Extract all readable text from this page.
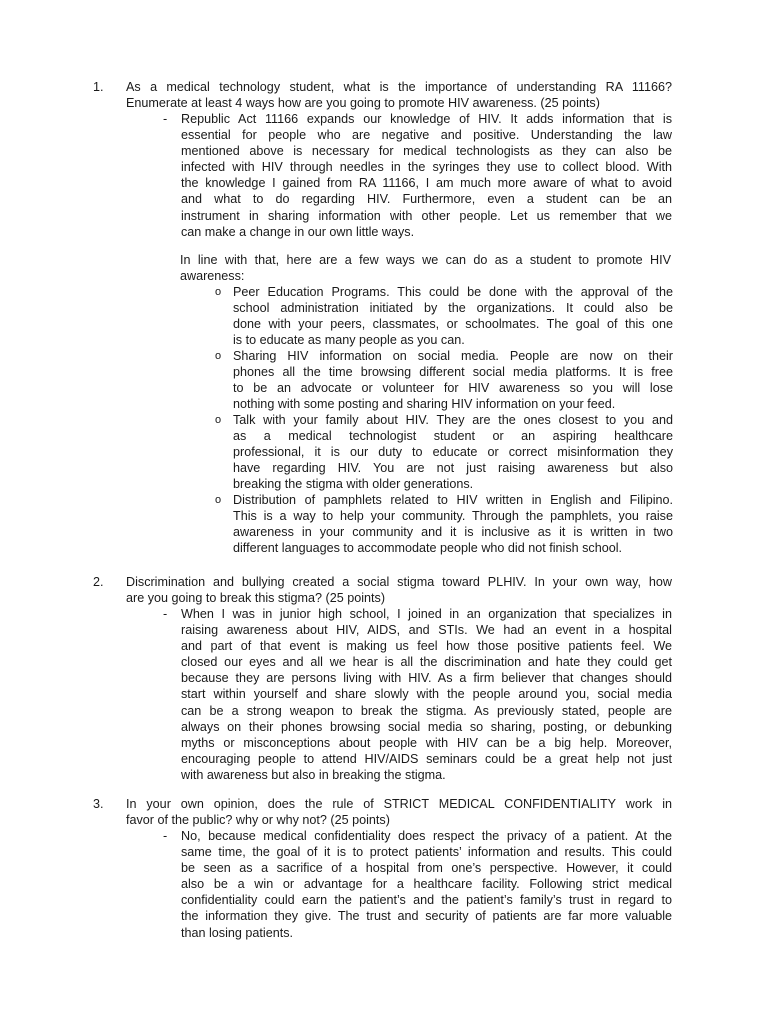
1. As a medical technology student, what is the importance of understanding RA 11166?
Enumerate at least 4 ways how are you going to promote HIV awareness. (25 points)
- Republic Act 11166 expands our knowledge of HIV. It adds information that is
essential for people who are negative and positive. Understanding the law
mentioned above is necessary for medical technologists as they can also be
infected with HIV through needles in the syringes they use to collect blood. With
the knowledge I gained from RA 11166, I am much more aware of what to avoid
and what to do regarding HIV. Furthermore, even a student can be an
instrument in sharing information with other people. Let us remember that we
can make a change in our own little ways.
In line with that, here are a few ways we can do as a student to promote HIV
awareness:
o Peer Education Programs. This could be done with the approval of the
school administration initiated by the organizations. It could also be
done with your peers, classmates, or schoolmates. The goal of this one
is to educate as many people as you can.
o Sharing HIV information on social media. People are now on their
phones all the time browsing different social media platforms. It is free
to be an advocate or volunteer for HIV awareness so you will lose
nothing with some posting and sharing HIV information on your feed.
o Talk with your family about HIV. They are the ones closest to you and
as a medical technologist student or an aspiring healthcare
professional, it is our duty to educate or correct misinformation they
have regarding HIV. You are not just raising awareness but also
breaking the stigma with older generations.
o Distribution of pamphlets related to HIV written in English and Filipino.
This is a way to help your community. Through the pamphlets, you raise
awareness in your community and it is inclusive as it is written in two
different languages to accommodate people who did not finish school.
2. Discrimination and bullying created a social stigma toward PLHIV. In your own way, how
are you going to break this stigma? (25 points)
- When I was in junior high school, I joined in an organization that specializes in
raising awareness about HIV, AIDS, and STIs. We had an event in a hospital
and part of that event is making us feel how those positive patients feel. We
closed our eyes and all we hear is all the discrimination and hate they could get
because they are persons living with HIV. As a firm believer that changes should
start within yourself and share slowly with the people around you, social media
can be a strong weapon to break the stigma. As previously stated, people are
always on their phones browsing social media so sharing, posting, or debunking
myths or misconceptions about people with HIV can be a big help. Moreover,
encouraging people to attend HIV/AIDS seminars could be a great help not just
with awareness but also in breaking the stigma.
3. In your own opinion, does the rule of STRICT MEDICAL CONFIDENTIALITY work in
favor of the public? why or why not? (25 points)
- No, because medical confidentiality does respect the privacy of a patient. At the
same time, the goal of it is to protect patients’ information and results. This could
be seen as a sacrifice of a hospital from one’s perspective. However, it could
also be a win or advantage for a healthcare facility. Following strict medical
confidentiality could earn the patient’s and the patient’s family’s trust in regard to
the information they give. The trust and security of patients are far more valuable
than losing patients.
